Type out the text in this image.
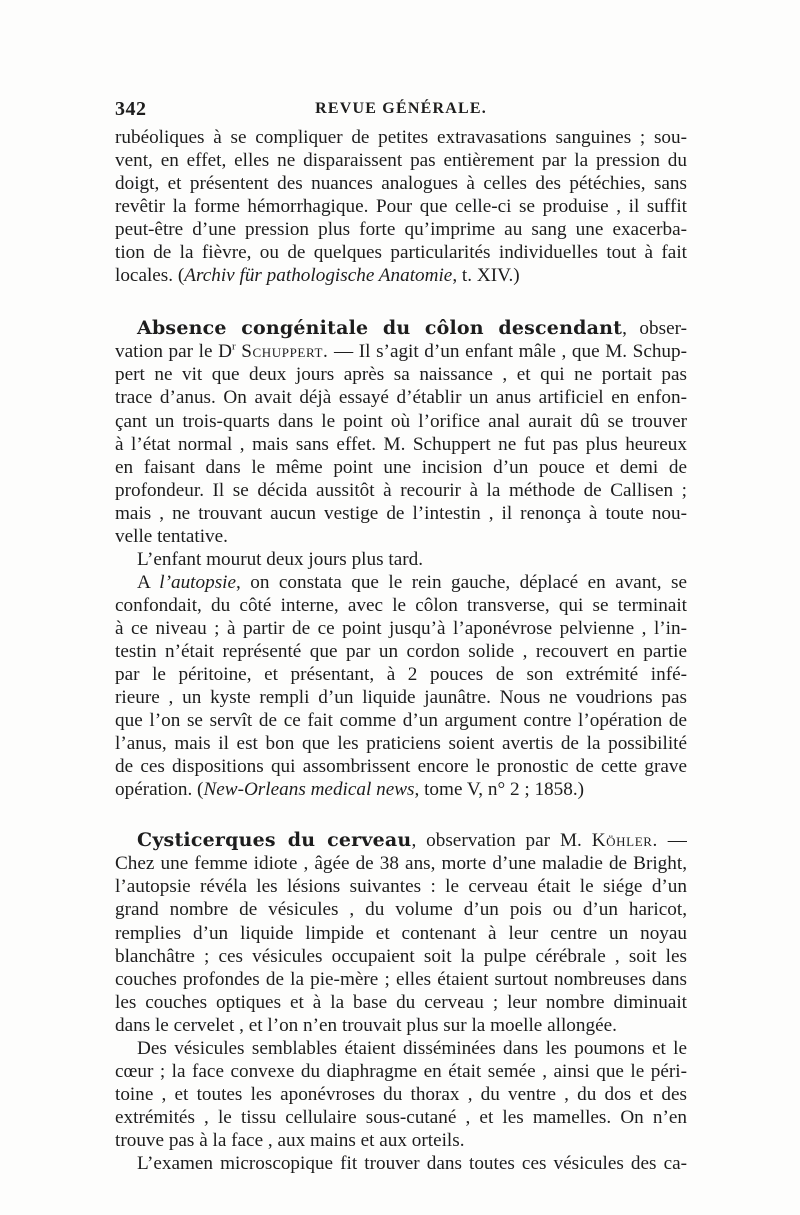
342	REVUE GÉNÉRALE.
rubéoliques à se compliquer de petites extravasations sanguines ; sou-
vent, en effet, elles ne disparaissent pas entièrement par la pression du
doigt, et présentent des nuances analogues à celles des pétéchies, sans
revêtir la forme hémorrhagique. Pour que celle-ci se produise , il suffit
peut-être d’une pression plus forte qu’imprime au sang une exacerba-
tion de la fièvre, ou de quelques particularités individuelles tout à fait
locales. (Archiv für pathologische Anatomie, t. XIV.)
Absence congénitale du côlon descendant, obser-
vation par le $D^r$ Schuppert. — Il s’agit d’un enfant mâle , que M. Schup-
pert ne vit que deux jours après sa naissance , et qui ne portait pas
trace d’anus. On avait déjà essayé d’établir un anus artificiel en enfon-
çant un trois-quarts dans le point où l’orifice anal aurait dû se trouver
à l’état normal , mais sans effet. M. Schuppert ne fut pas plus heureux
en faisant dans le même point une incision d’un pouce et demi de
profondeur. Il se décida aussitôt à recourir à la méthode de Callisen ;
mais , ne trouvant aucun vestige de l’intestin , il renonça à toute nou-
velle tentative.
L’enfant mourut deux jours plus tard.
A l’autopsie, on constata que le rein gauche, déplacé en avant, se
confondait, du côté interne, avec le côlon transverse, qui se terminait
à ce niveau ; à partir de ce point jusqu’à l’aponévrose pelvienne , l’in-
testin n’était représenté que par un cordon solide , recouvert en partie
par le péritoine, et présentant, à 2 pouces de son extrémité infé-
rieure , un kyste rempli d’un liquide jaunâtre. Nous ne voudrions pas
que l’on se servît de ce fait comme d’un argument contre l’opération de
l’anus, mais il est bon que les praticiens soient avertis de la possibilité
de ces dispositions qui assombrissent encore le pronostic de cette grave
opération. (New-Orleans medical news, tome V, n° 2 ; 1858.)
Cysticerques du cerveau, observation par M. Köhler. —
Chez une femme idiote , âgée de 38 ans, morte d’une maladie de Bright,
l’autopsie révéla les lésions suivantes : le cerveau était le siége d’un
grand nombre de vésicules , du volume d’un pois ou d’un haricot,
remplies d’un liquide limpide et contenant à leur centre un noyau
blanchâtre ; ces vésicules occupaient soit la pulpe cérébrale , soit les
couches profondes de la pie-mère ; elles étaient surtout nombreuses dans
les couches optiques et à la base du cerveau ; leur nombre diminuait
dans le cervelet , et l’on n’en trouvait plus sur la moelle allongée.
Des vésicules semblables étaient disséminées dans les poumons et le
cœur ; la face convexe du diaphragme en était semée , ainsi que le péri-
toine , et toutes les aponévroses du thorax , du ventre , du dos et des
extrémités , le tissu cellulaire sous-cutané , et les mamelles. On n’en
trouve pas à la face , aux mains et aux orteils.
L’examen microscopique fit trouver dans toutes ces vésicules des ca-
